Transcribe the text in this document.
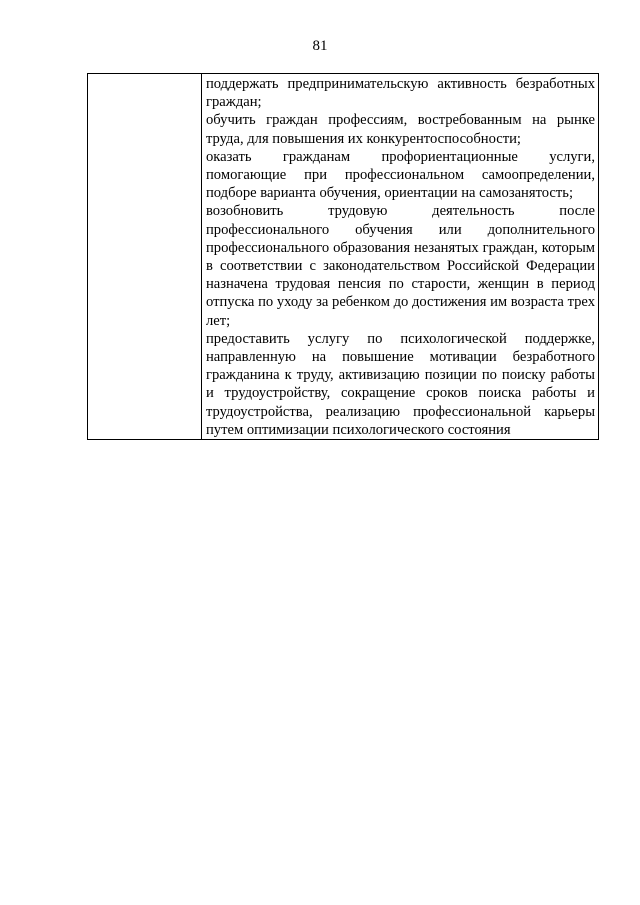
81

поддержать предпринимательскую активность безработных граждан;

обучить граждан профессиям, востребованным на рынке труда, для повышения их конкурентоспособности;

оказать гражданам профориентационные услуги, помогающие при профессиональном самоопределении, подборе варианта обучения, ориентации на самозанятость;

возобновить трудовую деятельность после профессионального обучения или дополнительного профессионального образования незанятых граждан, которым в соответствии с законодательством Российской Федерации назначена трудовая пенсия по старости, женщин в период отпуска по уходу за ребенком до достижения им возраста трех лет;

предоставить услугу по психологической поддержке, направленную на повышение мотивации безработного гражданина к труду, активизацию позиции по поиску работы и трудоустройству, сокращение сроков поиска работы и трудоустройства, реализацию профессиональной карьеры путем оптимизации психологического состояния
